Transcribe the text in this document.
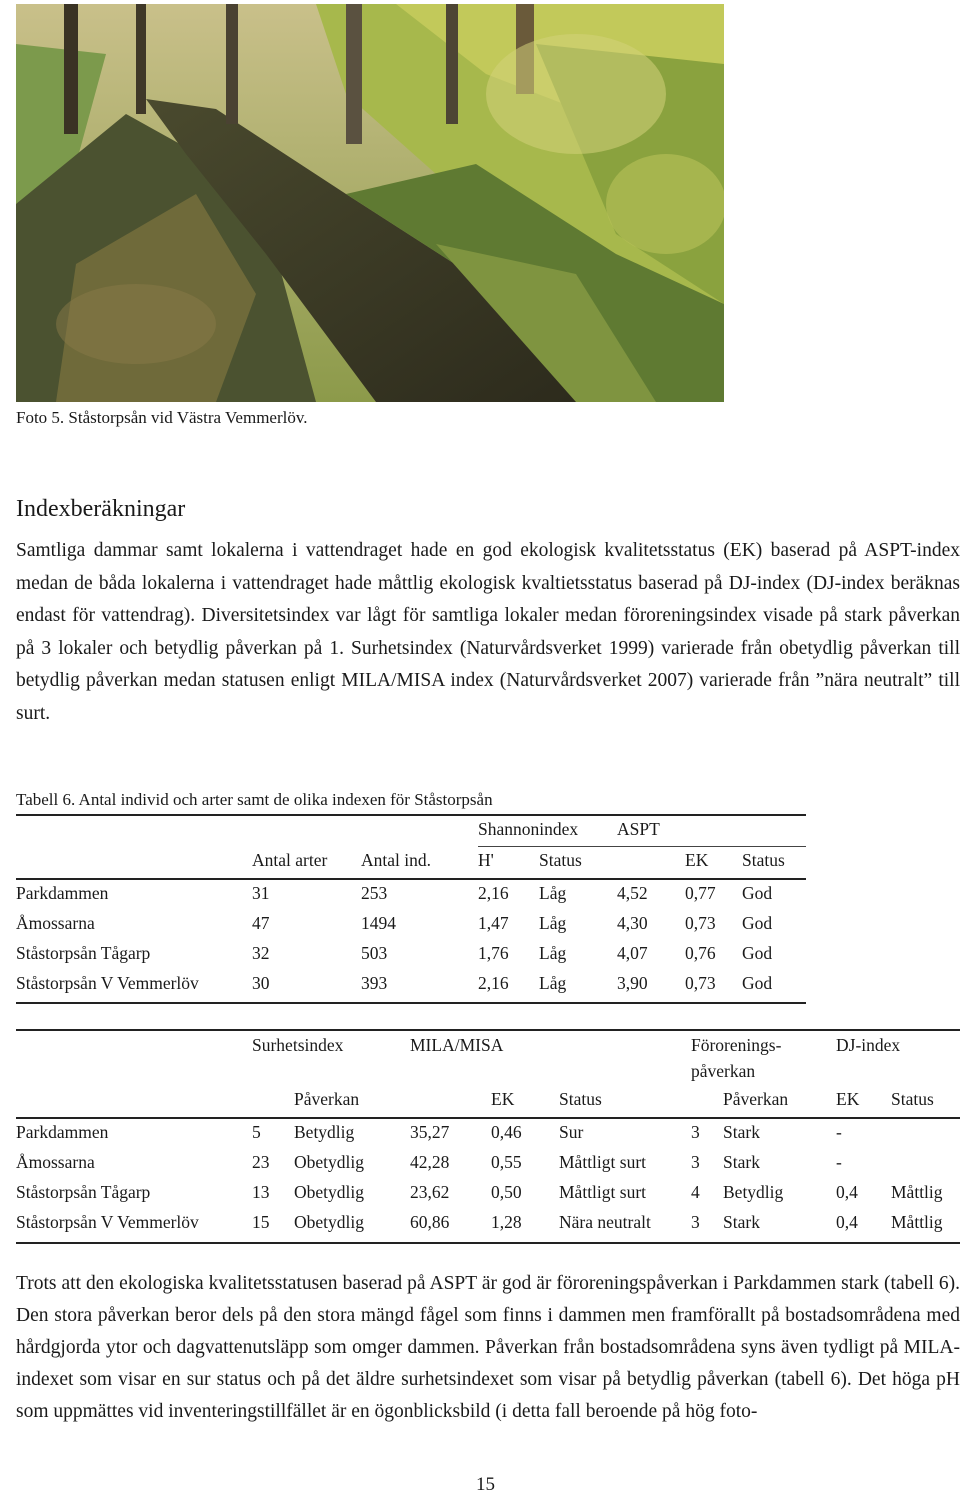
Foto 5. Ståstorpsån vid Västra Vemmerlöv.
Indexberäkningar
Samtliga dammar samt lokalerna i vattendraget hade en god ekologisk kvalitetsstatus (EK) baserad på ASPT-index medan de båda lokalerna i vattendraget hade måttlig ekologisk kvaltietsstatus baserad på DJ-index (DJ-index beräknas endast för vattendrag). Diversitetsindex var lågt för samtliga lokaler medan föroreningsindex visade på stark påverkan på 3 lokaler och betydlig påverkan på 1. Surhetsindex (Naturvårdsverket 1999) varierade från obetydlig påverkan till betydlig påverkan medan statusen enligt MILA/MISA index (Naturvårdsverket 2007) varierade från ”nära neutralt” till surt.
Tabell 6. Antal individ och arter samt de olika indexen för Ståstorpsån
Shannonindex ASPT
Antal arter Antal ind.	H'	Status	EK Status
Parkdammen	31	253	2,16 Låg	4,52 0,77 God
Åmossarna	47	1494	1,47 Låg	4,30 0,73 God
Ståstorpsån Tågarp	32	503	1,76 Låg	4,07 0,76 God
Ståstorpsån V Vemmerlöv	30	393	2,16 Låg	3,90 0,73 God
Surhetsindex	MILA/MISA	Förorenings-
påverkan
DJ-index
Påverkan	EK	Status	Påverkan	EK Status
Parkdammen	5 Betydlig	35,27 0,46 Sur	3 Stark	-
Åmossarna	23 Obetydlig	42,28 0,55 Måttligt surt	3 Stark	-
Ståstorpsån Tågarp	13 Obetydlig	23,62 0,50 Måttligt surt	4 Betydlig	0,4 Måttlig
Ståstorpsån V Vemmerlöv	15 Obetydlig	60,86 1,28 Nära neutralt 3 Stark	0,4 Måttlig
Trots att den ekologiska kvalitetsstatusen baserad på ASPT är god är föroreningspåverkan i Parkdammen stark (tabell 6). Den stora påverkan beror dels på den stora mängd fågel som finns i dammen men framförallt på bostadsområdena med hårdgjorda ytor och dagvattenutsläpp som omger dammen. Påverkan från bostadsområdena syns även tydligt på MILA-indexet som visar en sur status och på det äldre surhetsindexet som visar på betydlig påverkan (tabell 6). Det höga pH som uppmättes vid inventeringstillfället är en ögonblicksbild (i detta fall beroende på hög foto-
15
